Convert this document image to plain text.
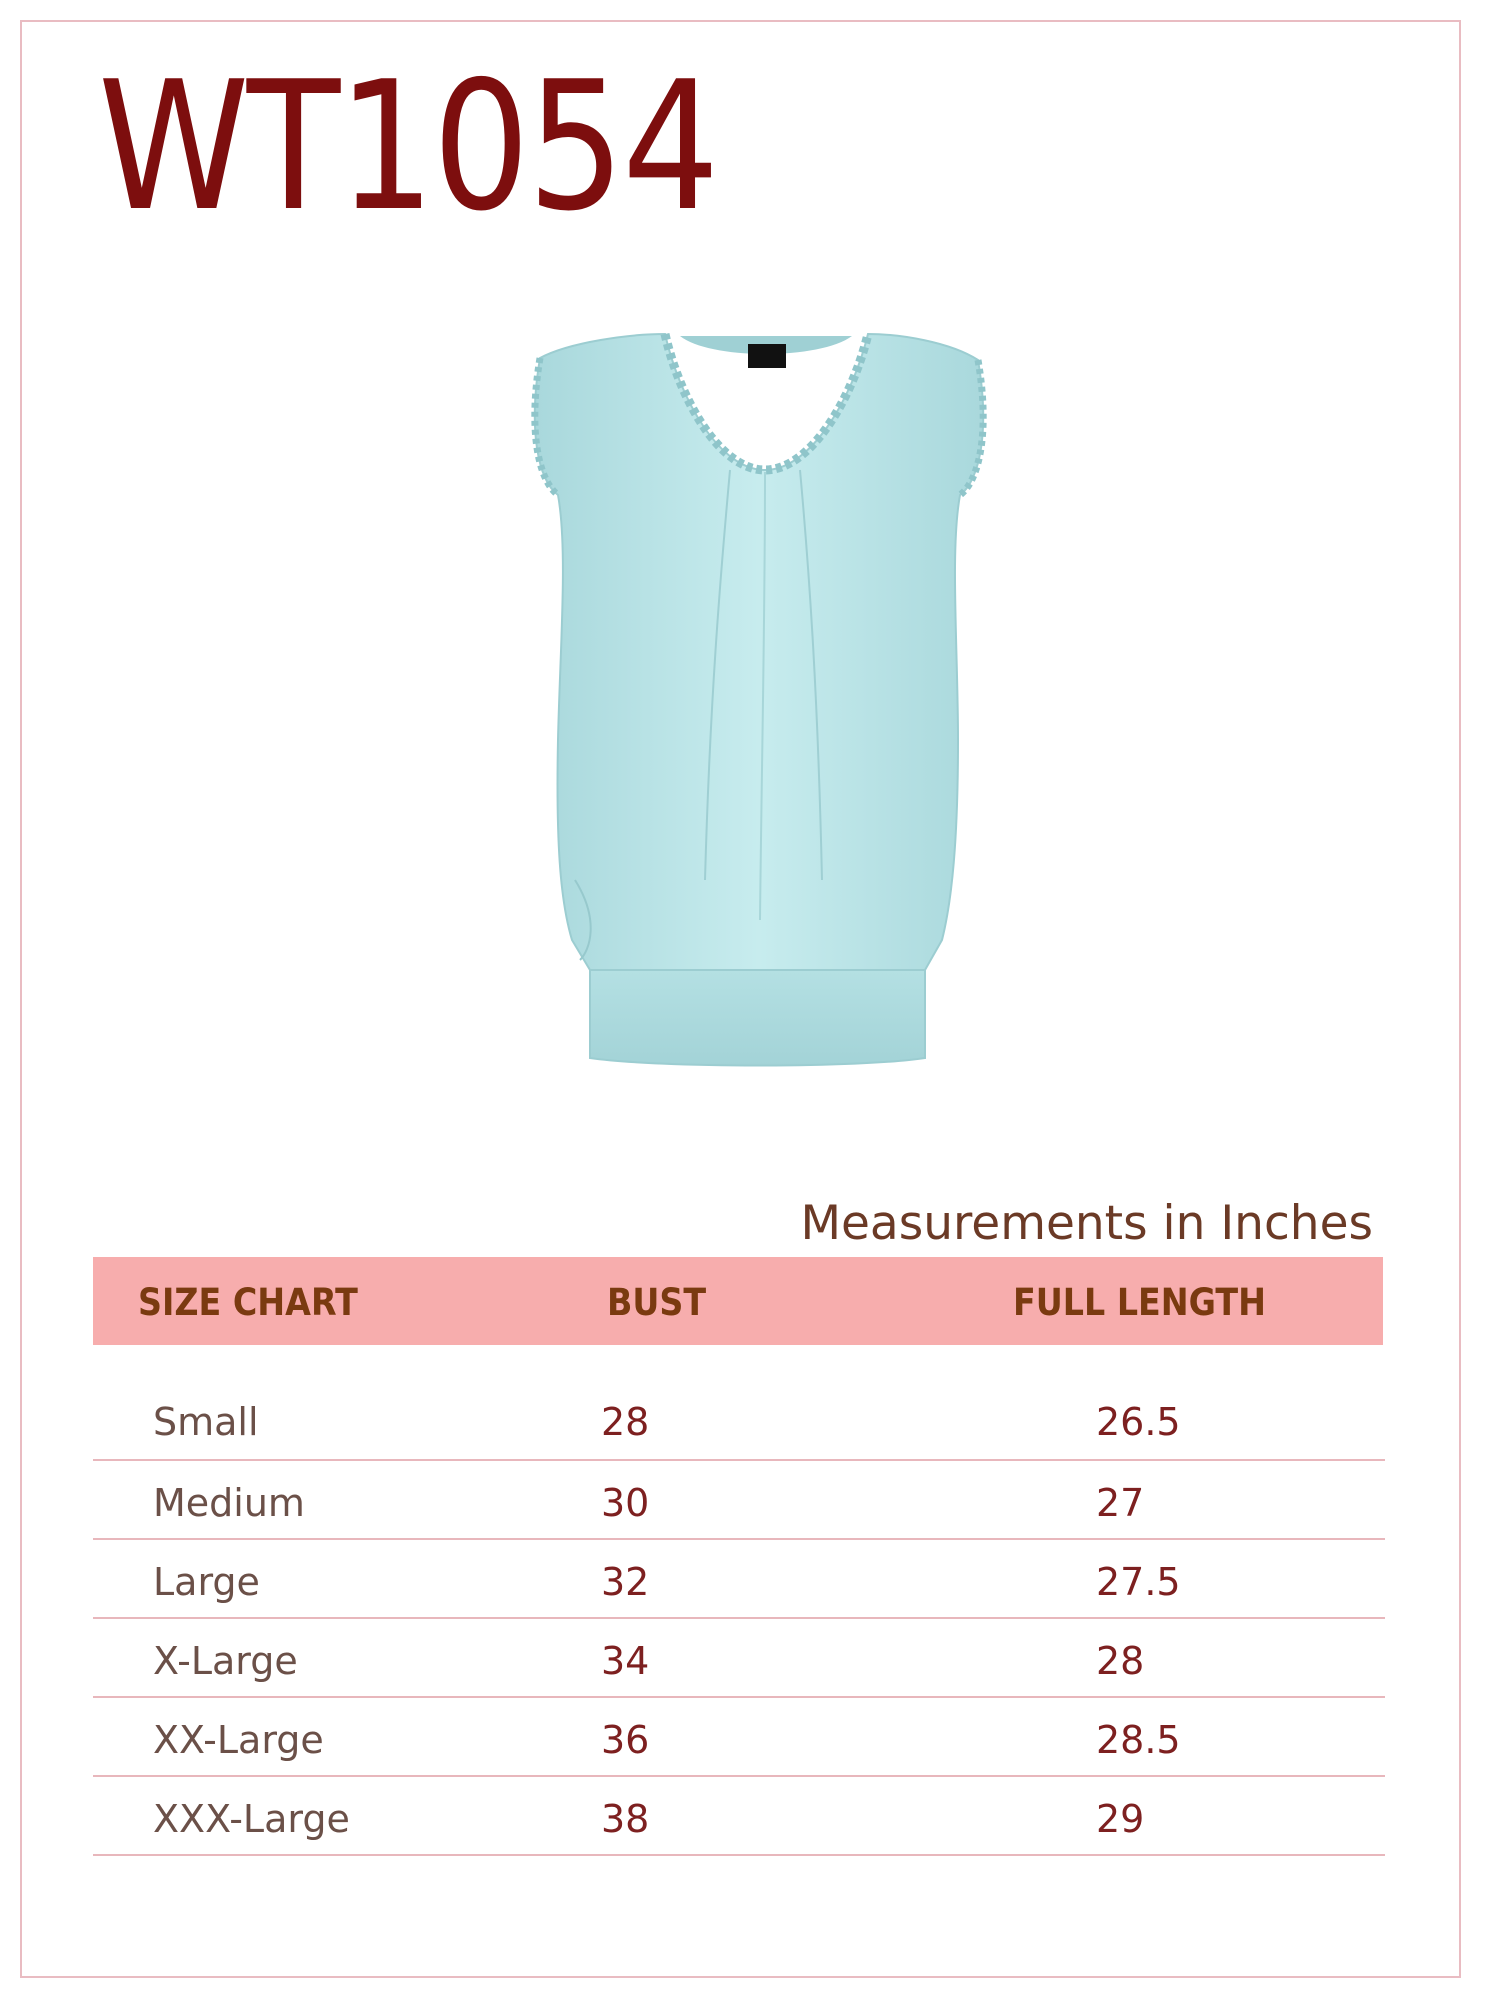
WT1054
Measurements in Inches
SIZE CHART	BUST	FULL LENGTH
Small	28	26.5
Medium	30	27
Large	32	27.5
X-Large	34	28
XX-Large	36	28.5
XXX-Large	38	29
